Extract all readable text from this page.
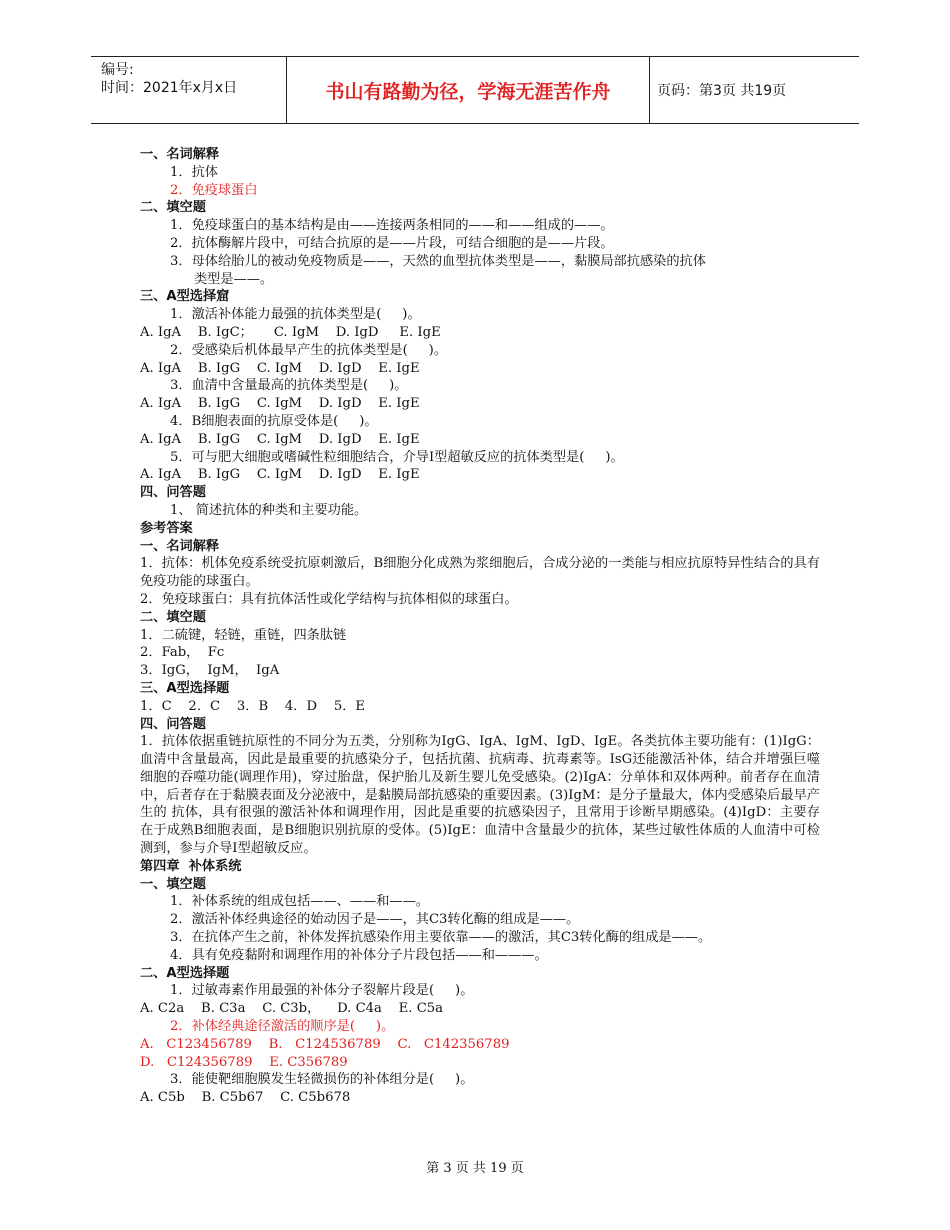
编号:
时间：2021年x月x日	书山有路勤为径，学海无涯苦作舟	页码：第3页 共19页
一、名词解释
1．抗体
2．免疫球蛋白
二、填空题
1．免疫球蛋白的基本结构是由——连接两条相同的——和——组成的——。
2．抗体酶解片段中，可结合抗原的是——片段，可结合细胞的是——片段。
3．母体给胎儿的被动免疫物质是——，天然的血型抗体类型是——，黏膜局部抗感染的抗体
类型是——。
三、A型选择窟
1．激活补体能力最强的抗体类型是(     )。
A. IgA    B. IgC；     C. IgM    D. IgD     E. IgE
2．受感染后机体最早产生的抗体类型是(     )。
A. IgA    B. IgG    C. IgM    D. IgD    E. IgE
3．血清中含量最高的抗体类型是(     )。
A. IgA    B. IgG    C. IgM    D. IgD    E. IgE
4．B细胞表面的抗原受体是(     )。
A. IgA    B. IgG    C. IgM    D. IgD    E. IgE
5．可与肥大细胞或嗜碱性粒细胞结合，介导Ⅰ型超敏反应的抗体类型是(     )。
A. IgA    B. IgG    C. IgM    D. IgD    E. IgE
四、问答题
1、 简述抗体的种类和主要功能。
参考答案
一、名词解释
1．抗体：机体免疫系统受抗原刺激后，B细胞分化成熟为浆细胞后，合成分泌的一类能与相应抗原特异性结合的具有免疫功能的球蛋白。
2．免疫球蛋白：具有抗体活性或化学结构与抗体相似的球蛋白。
二、填空题
1．二硫键，轻链，重链，四条肽链
2．Fab，  Fc
3．IgG，  IgM，  IgA
三、A型选择题
1．C    2．C    3．B    4．D    5．E
四、问答题
1．抗体依据重链抗原性的不同分为五类，分别称为IgG、IgA、IgM、IgD、IgE。各类抗体主要功能有：(1)IgG：血清中含量最高，因此是最重要的抗感染分子，包括抗菌、抗病毒、抗毒素等。IsG还能激活补体，结合并增强巨噬细胞的吞噬功能(调理作用)，穿过胎盘，保护胎儿及新生婴儿免受感染。(2)IgA：分单体和双体两种。前者存在血清中，后者存在于黏膜表面及分泌液中，是黏膜局部抗感染的重要因素。(3)IgM：是分子量最大，体内受感染后最早产生的 抗体，具有很强的激活补体和调理作用，因此是重要的抗感染因子，且常用于诊断早期感染。(4)IgD：主要存在于成熟B细胞表面，是B细胞识别抗原的受体。(5)IgE：血清中含量最少的抗体，某些过敏性体质的人血清中可检测到，参与介导Ⅰ型超敏反应。
第四章  补体系统
一、填空题
1．补体系统的组成包括——、——和——。
2．激活补体经典途径的始动因子是——，其C3转化酶的组成是——。
3．在抗体产生之前，补体发挥抗感染作用主要依靠——的激活，其C3转化酶的组成是——。
4．具有免疫黏附和调理作用的补体分子片段包括——和———。
二、A型选择题
1．过敏毒素作用最强的补体分子裂解片段是(     )。
A. C2a    B. C3a    C. C3b，    D. C4a    E. C5a
2．补体经典途径激活的顺序是(     )。
A.   C123456789    B.   C124536789    C.   C142356789
D.   C124356789    E. C356789
3．能使靶细胞膜发生轻微损伤的补体组分是(     )。
A. C5b    B. C5b67    C. C5b678
第 3 页 共 19 页
